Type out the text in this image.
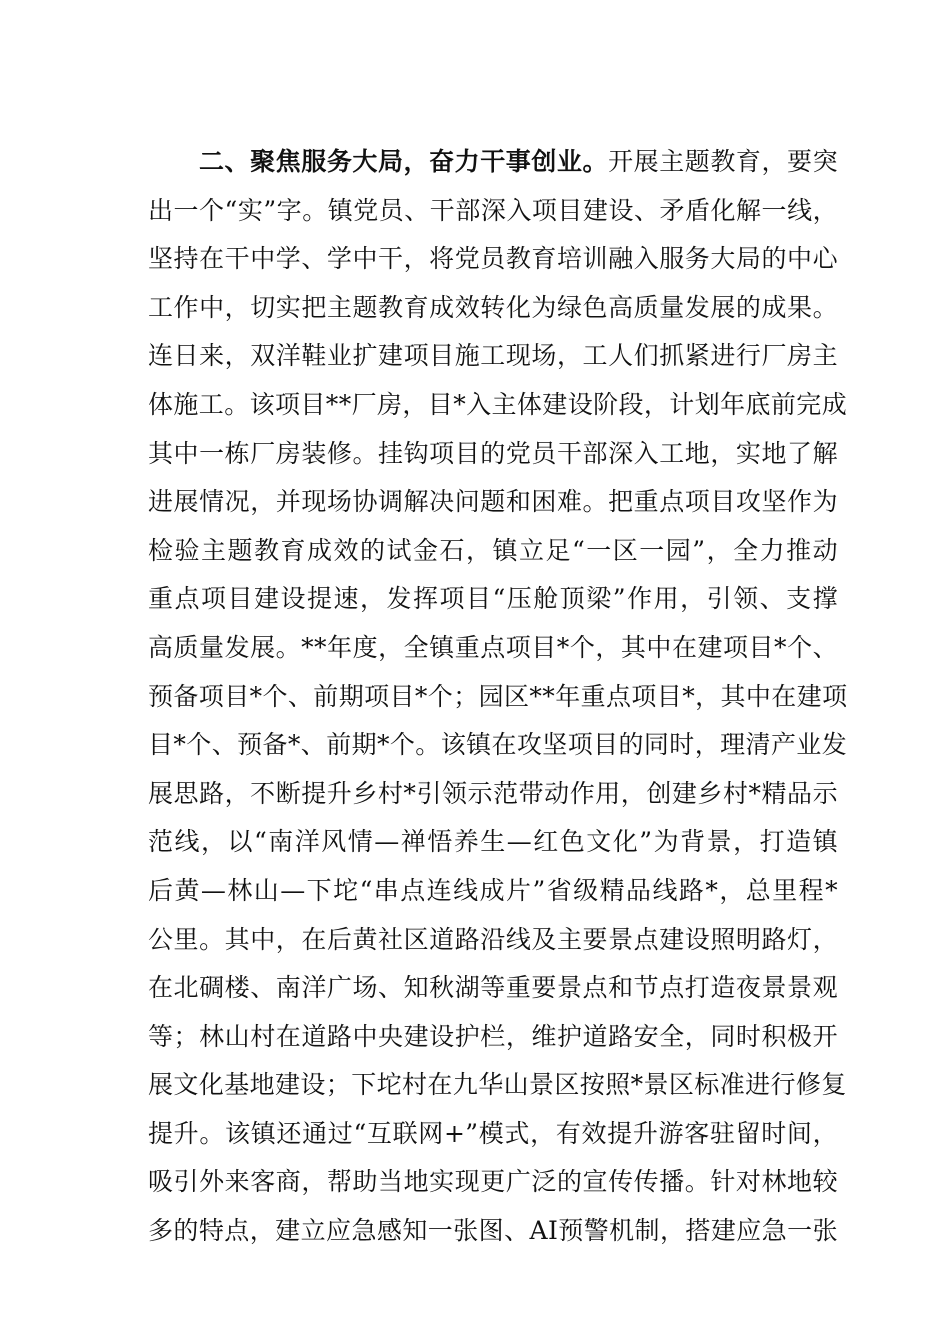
  二、聚焦服务大局，奋力干事创业。开展主题教育，要突
出一个“实”字。镇党员、干部深入项目建设、矛盾化解一线，
坚持在干中学、学中干，将党员教育培训融入服务大局的中心
工作中，切实把主题教育成效转化为绿色高质量发展的成果。
连日来，双洋鞋业扩建项目施工现场，工人们抓紧进行厂房主
体施工。该项目**厂房，目*入主体建设阶段，计划年底前完成
其中一栋厂房装修。挂钩项目的党员干部深入工地，实地了解
进展情况，并现场协调解决问题和困难。把重点项目攻坚作为
检验主题教育成效的试金石，镇立足“一区一园”，全力推动
重点项目建设提速，发挥项目“压舱顶梁”作用，引领、支撑
高质量发展。**年度，全镇重点项目*个，其中在建项目*个、
预备项目*个、前期项目*个；园区**年重点项目*，其中在建项
目*个、预备*、前期*个。该镇在攻坚项目的同时，理清产业发
展思路，不断提升乡村*引领示范带动作用，创建乡村*精品示
范线，以“南洋风情—禅悟养生—红色文化”为背景，打造镇
后黄—林山—下坨“串点连线成片”省级精品线路*，总里程*
公里。其中，在后黄社区道路沿线及主要景点建设照明路灯，
在北碉楼、南洋广场、知秋湖等重要景点和节点打造夜景景观
等；林山村在道路中央建设护栏，维护道路安全，同时积极开
展文化基地建设；下坨村在九华山景区按照*景区标准进行修复
提升。该镇还通过“互联网+”模式，有效提升游客驻留时间，
吸引外来客商，帮助当地实现更广泛的宣传传播。针对林地较
多的特点，建立应急感知一张图、AI预警机制，搭建应急一张
